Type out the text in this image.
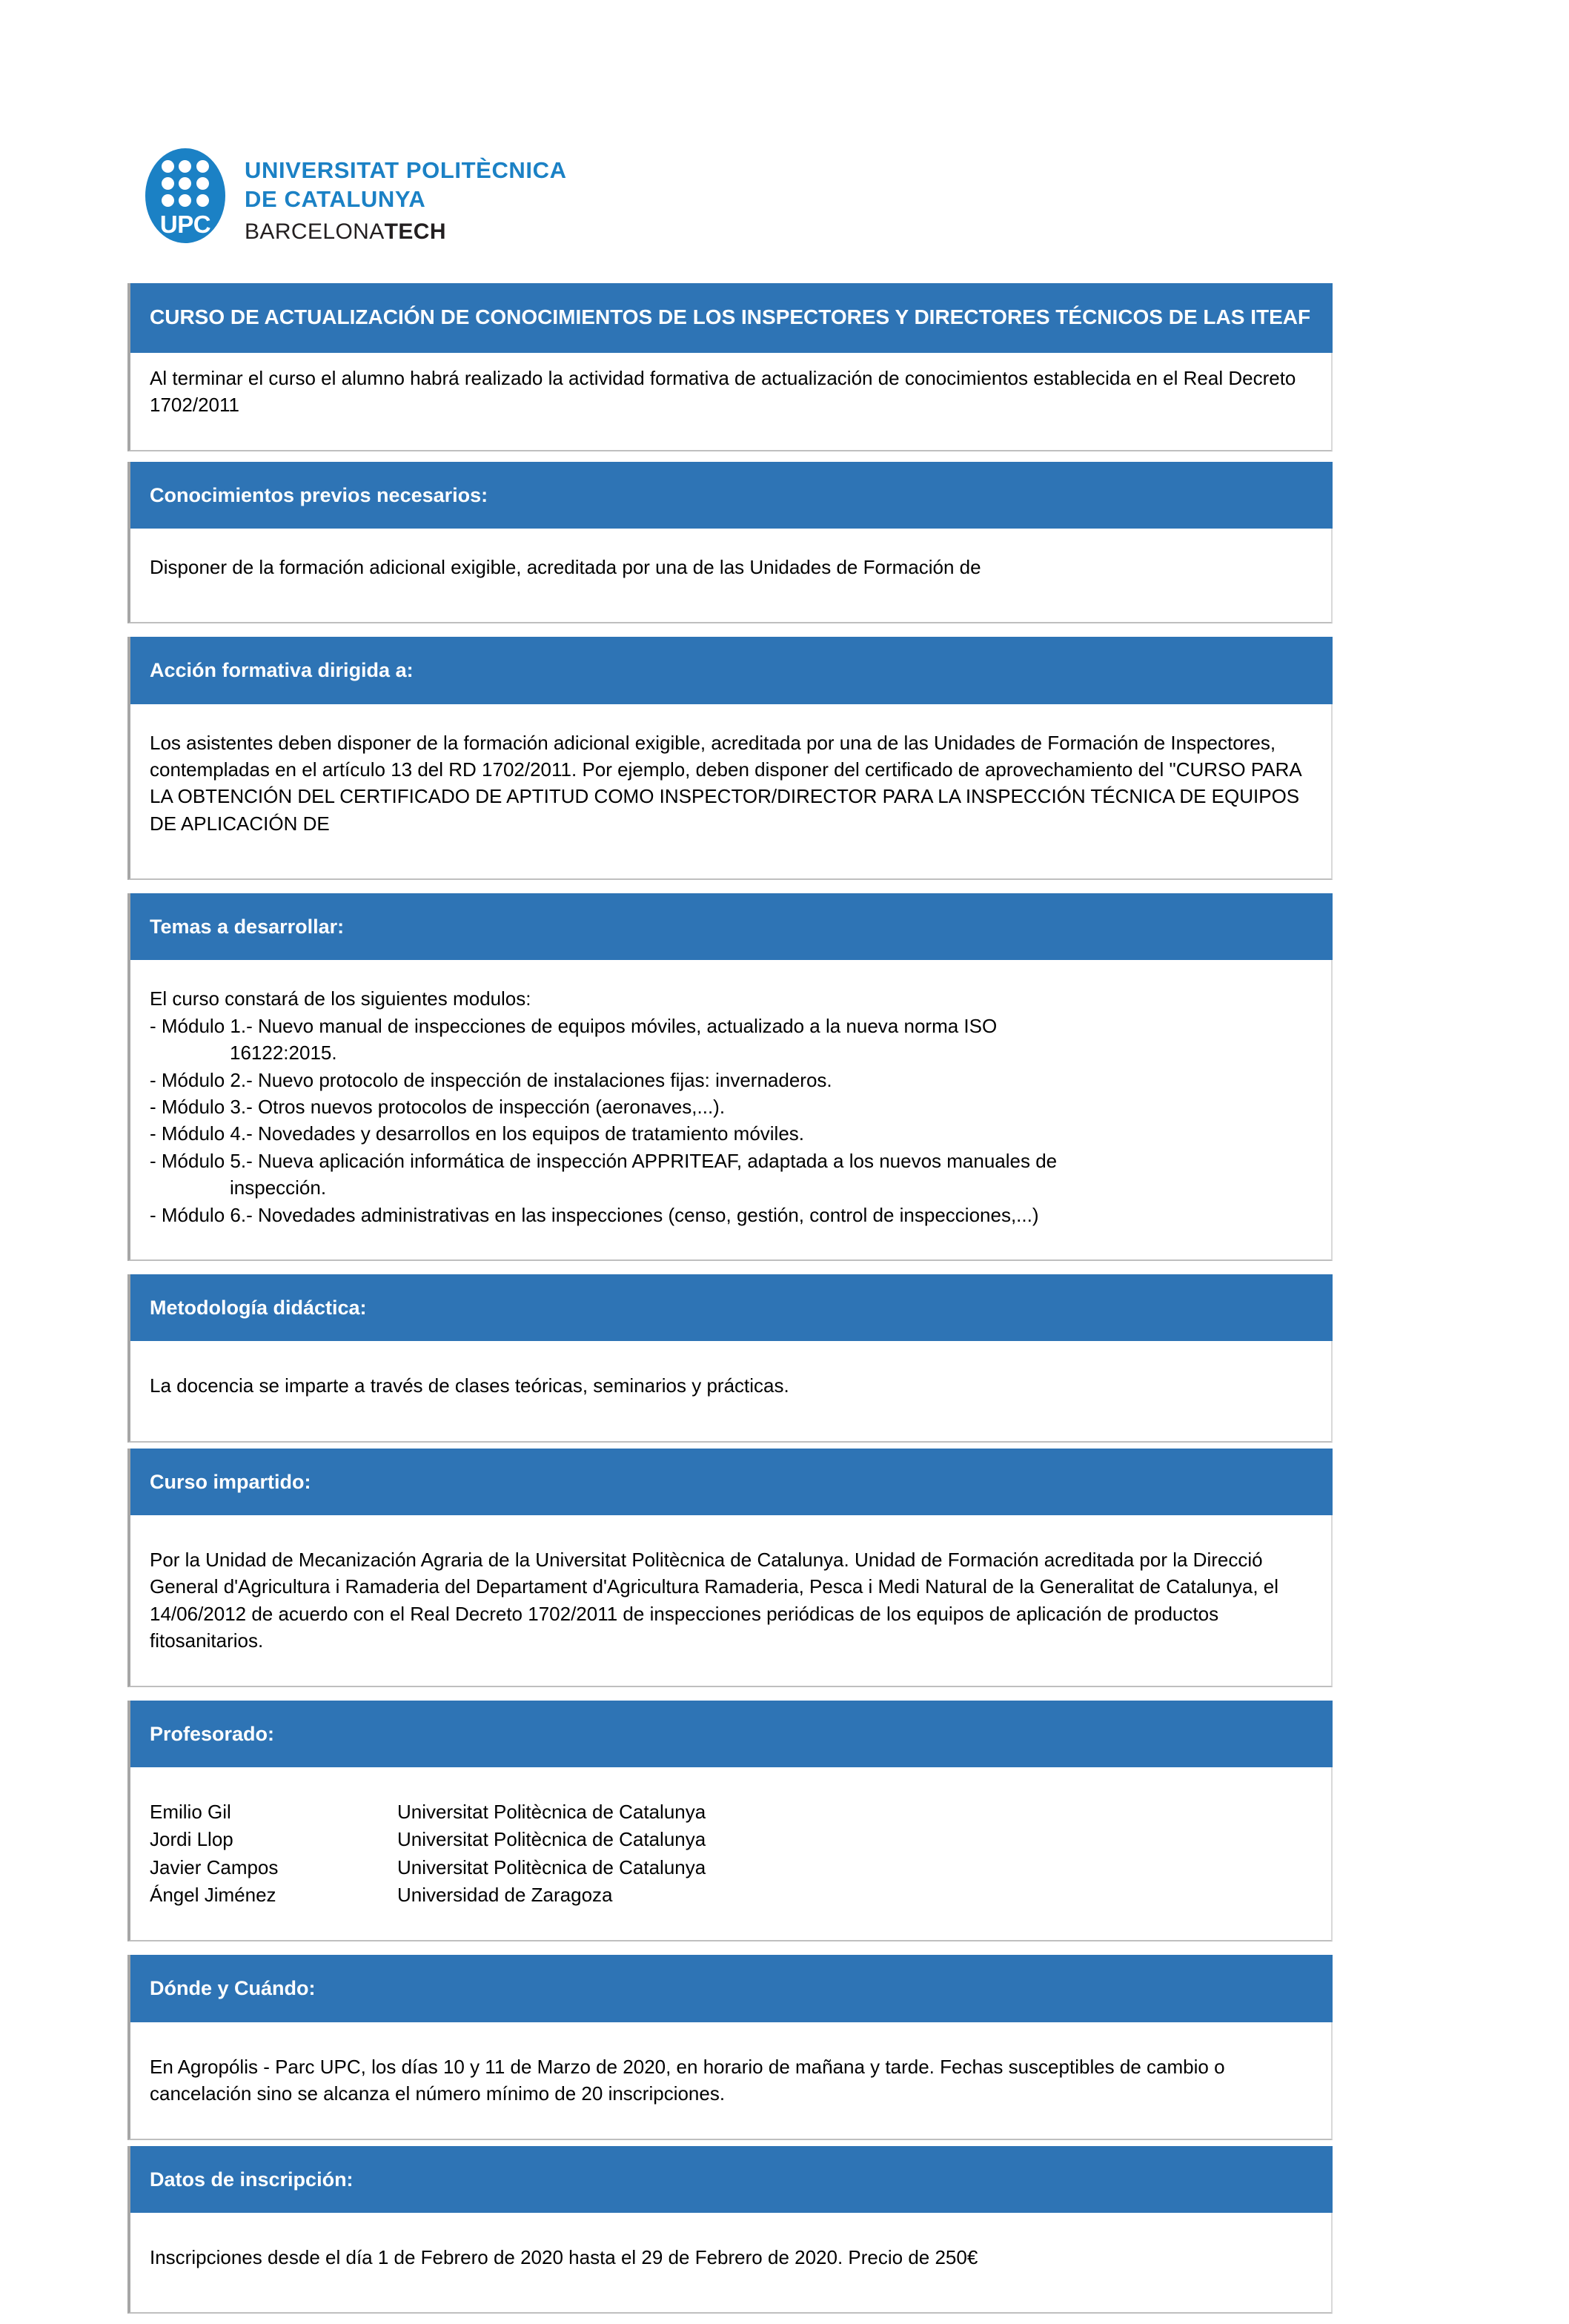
UPC
UNIVERSITAT POLITÈCNICA
DE CATALUNYA
BARCELONATECH
CURSO DE ACTUALIZACIÓN DE CONOCIMIENTOS DE LOS INSPECTORES Y DIRECTORES TÉCNICOS DE LAS ITEAF
Al terminar el curso el alumno habrá realizado la actividad formativa de actualización de conocimientos establecida en el Real Decreto 1702/2011
Conocimientos previos necesarios:
Disponer de la formación adicional exigible, acreditada por una de las Unidades de Formación de
Acción formativa dirigida a:
Los asistentes deben disponer de la formación adicional exigible, acreditada por una de las Unidades de Formación de Inspectores, contempladas en el artículo 13 del RD 1702/2011. Por ejemplo, deben disponer del certificado de aprovechamiento del "CURSO PARA LA OBTENCIÓN DEL CERTIFICADO DE APTITUD COMO INSPECTOR/DIRECTOR PARA LA INSPECCIÓN TÉCNICA DE EQUIPOS DE APLICACIÓN DE
Temas a desarrollar:
El curso constará de los siguientes modulos:
- Módulo 1.- Nuevo manual de inspecciones de equipos móviles, actualizado a la nueva norma ISO
16122:2015.
- Módulo 2.- Nuevo protocolo de inspección de instalaciones fijas: invernaderos.
- Módulo 3.- Otros nuevos protocolos de inspección (aeronaves,...).
- Módulo 4.- Novedades y desarrollos en los equipos de tratamiento móviles.
- Módulo 5.- Nueva aplicación informática de inspección APPRITEAF, adaptada a los nuevos manuales de
inspección.
- Módulo 6.- Novedades administrativas en las inspecciones (censo, gestión, control de inspecciones,...)
Metodología didáctica:
La docencia se imparte a través de clases teóricas, seminarios y prácticas.
Curso impartido:
Por la Unidad de Mecanización Agraria de la Universitat Politècnica de Catalunya. Unidad de Formación acreditada por la Direcció General d'Agricultura i Ramaderia del Departament d'Agricultura Ramaderia, Pesca i Medi Natural de la Generalitat de Catalunya, el 14/06/2012 de acuerdo con el Real Decreto 1702/2011 de inspecciones periódicas de los equipos de aplicación de productos fitosanitarios.
Profesorado:
Emilio Gil	Universitat Politècnica de Catalunya
Jordi Llop	Universitat Politècnica de Catalunya
Javier Campos	Universitat Politècnica de Catalunya
Ángel Jiménez	Universidad de Zaragoza
Dónde y Cuándo:
En Agropólis - Parc UPC, los días 10 y 11 de Marzo de 2020, en horario de mañana y tarde. Fechas susceptibles de cambio o cancelación sino se alcanza el número mínimo de 20 inscripciones.
Datos de inscripción:
Inscripciones desde el día 1 de Febrero de 2020 hasta el 29 de Febrero de 2020. Precio de 250€
